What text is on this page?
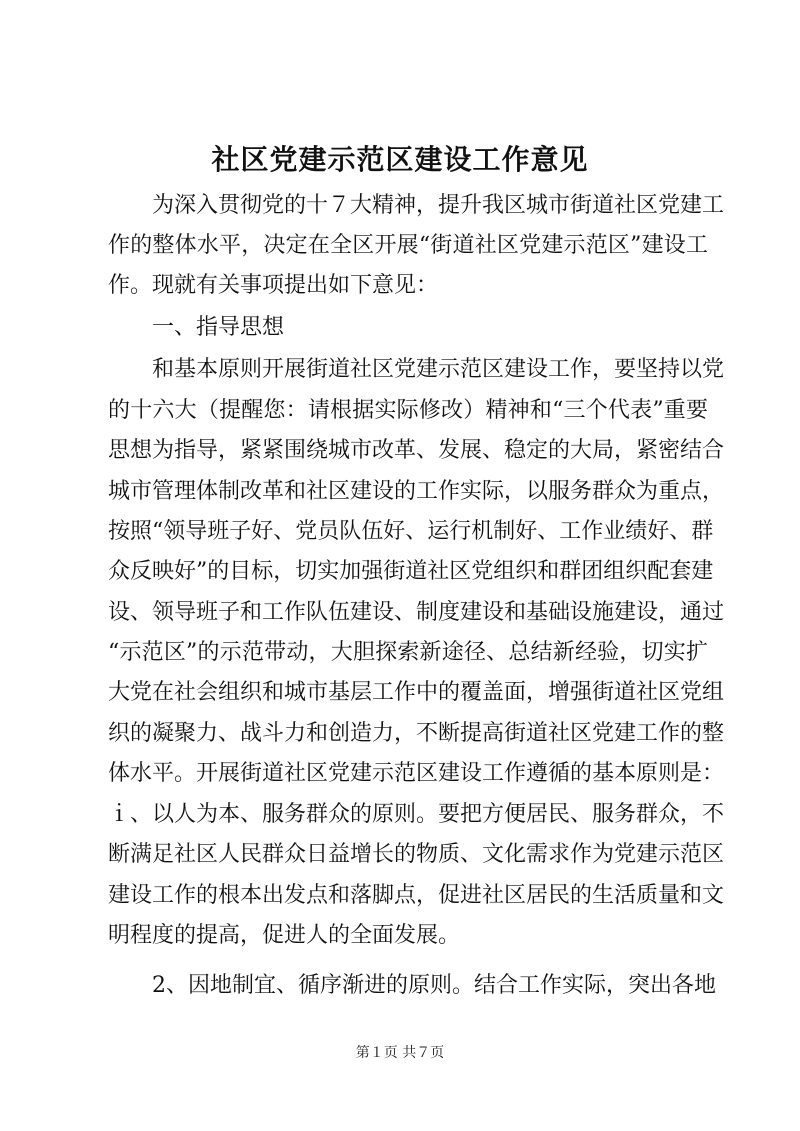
社区党建示范区建设工作意见

为深入贯彻党的十７大精神，提升我区城市街道社区党建工

作的整体水平，决定在全区开展“街道社区党建示范区”建设工

作。现就有关事项提出如下意见：

一、指导思想

和基本原则开展街道社区党建示范区建设工作，要坚持以党

的十六大（提醒您：请根据实际修改）精神和“三个代表”重要

思想为指导，紧紧围绕城市改革、发展、稳定的大局，紧密结合

城市管理体制改革和社区建设的工作实际，以服务群众为重点，

按照“领导班子好、党员队伍好、运行机制好、工作业绩好、群

众反映好”的目标，切实加强街道社区党组织和群团组织配套建

设、领导班子和工作队伍建设、制度建设和基础设施建设，通过

“示范区”的示范带动，大胆探索新途径、总结新经验，切实扩

大党在社会组织和城市基层工作中的覆盖面，增强街道社区党组

织的凝聚力、战斗力和创造力，不断提高街道社区党建工作的整

体水平。开展街道社区党建示范区建设工作遵循的基本原则是：

ｉ、以人为本、服务群众的原则。要把方便居民、服务群众，不

断满足社区人民群众日益增长的物质、文化需求作为党建示范区

建设工作的根本出发点和落脚点，促进社区居民的生活质量和文

明程度的提高，促进人的全面发展。

2、因地制宜、循序渐进的原则。结合工作实际，突出各地

第１页 共７页
